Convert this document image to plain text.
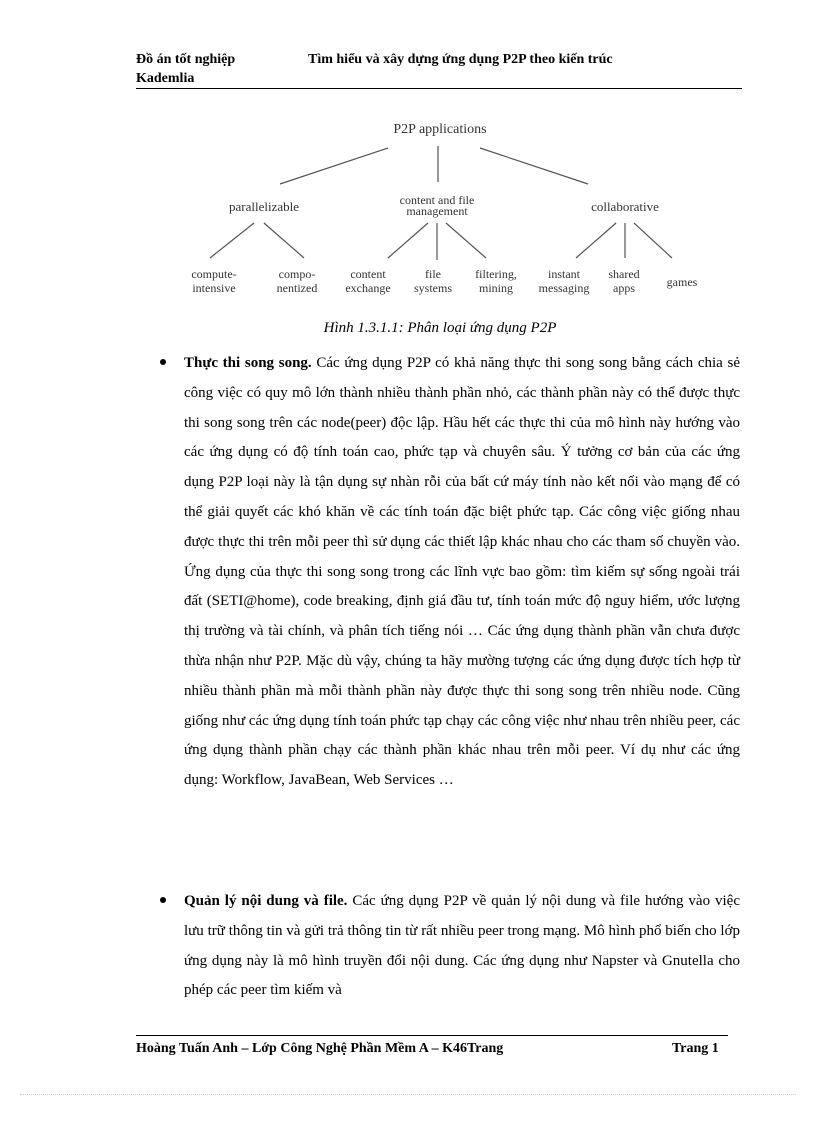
Đồ án tốt nghiệp
Kademlia
Tìm hiểu và xây dựng ứng dụng P2P theo kiến trúc
P2P applications
parallelizable	content and file
management	collaborative
compute-
intensive
compo-
nentized
content
exchange
file
systems
filtering,
mining
instant
messaging
shared
apps	games
Hình 1.3.1.1: Phân loại ứng dụng P2P
Thực thi song song. Các ứng dụng P2P có khả năng thực thi song song bằng cách chia sẻ công việc có quy mô lớn thành nhiều thành phần nhỏ, các thành phần này có thể được thực thi song song trên các node(peer) độc lập. Hầu hết các thực thi của mô hình này hướng vào các ứng dụng có độ tính toán cao, phức tạp và chuyên sâu. Ý tưởng cơ bản của các ứng dụng P2P loại này là tận dụng sự nhàn rỗi của bất cứ máy tính nào kết nối vào mạng để có thể giải quyết các khó khăn về các tính toán đặc biệt phức tạp. Các công việc giống nhau được thực thi trên mỗi peer thì sử dụng các thiết lập khác nhau cho các tham số chuyền vào. Ứng dụng của thực thi song song trong các lĩnh vực bao gồm: tìm kiếm sự sống ngoài trái đất (SETI@home), code breaking, định giá đầu tư, tính toán mức độ nguy hiểm, ước lượng thị trường và tài chính, và phân tích tiếng nói … Các ứng dụng thành phần vẫn chưa được thừa nhận như P2P. Mặc dù vậy, chúng ta hãy mường tượng các ứng dụng được tích hợp từ nhiều thành phần mà mỗi thành phần này được thực thi song song trên nhiều node. Cũng giống như các ứng dụng tính toán phức tạp chạy các công việc như nhau trên nhiều peer, các ứng dụng thành phần chạy các thành phần khác nhau trên mỗi peer. Ví dụ như các ứng dụng: Workflow, JavaBean, Web Services …
Quản lý nội dung và file. Các ứng dụng P2P về quản lý nội dung và file hướng vào việc lưu trữ thông tin và gửi trả thông tin từ rất nhiều peer trong mạng. Mô hình phổ biến cho lớp ứng dụng này là mô hình truyền đổi nội dung. Các ứng dụng như Napster và Gnutella cho phép các peer tìm kiếm và
Hoàng Tuấn Anh – Lớp Công Nghệ Phần Mềm A – K46Trang	Trang 1
